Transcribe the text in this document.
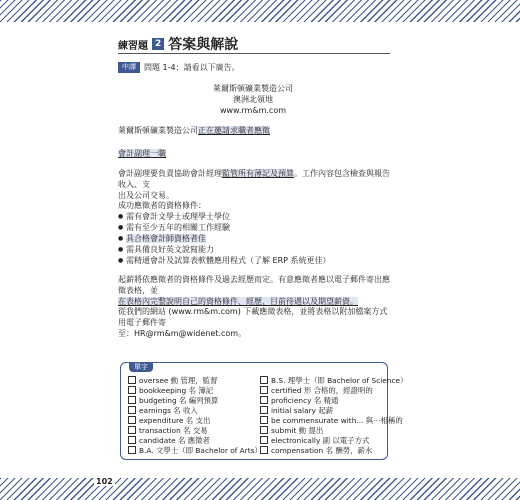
練習題 2 答案與解說
中譯	問題 1-4：請看以下廣告。
萊爾斯頓礦業製造公司
澳洲北領地
www.rm&m.com
萊爾斯頓礦業製造公司正在邀請求職者應徵
會計副理一職
會計副理要負責協助會計經理監管所有薄記及預算。工作內容包含檢查與報告收入、支
出及公司交易。
成功應徵者的資格條件：
● 需有會計文學士或理學士學位
● 需有至少五年的相關工作經驗
● 具合格會計師資格者佳
● 需具備良好英文說寫能力
● 需精通會計及試算表軟體應用程式（了解 ERP 系統更佳）
起薪將依應徵者的資格條件及過去經歷而定。有意應徵者應以電子郵件寄出應徵表格，並
在表格內完整說明自己的資格條件、經歷、目前待遇以及期望薪資。
從我們的網站 (www.rm&m.com) 下載應徵表格，並將表格以附加檔案方式用電子郵件寄
至：HR@rm&m@widenet.com。
單字
oversee 動 管理，監督
bookkeeping 名 簿記
budgeting 名 編列預算
earnings 名 收入
expenditure 名 支出
transaction 名 交易
candidate 名 應徵者
B.A. 文學士（即 Bachelor of Arts）
B.S. 理學士（即 Bachelor of Science）
certified 形 合格的，經證明的
proficiency 名 精通
initial salary 起薪
be commensurate with... 與⋯相稱的
submit 動 提出
electronically 副 以電子方式
compensation 名 酬勞，薪水
102
